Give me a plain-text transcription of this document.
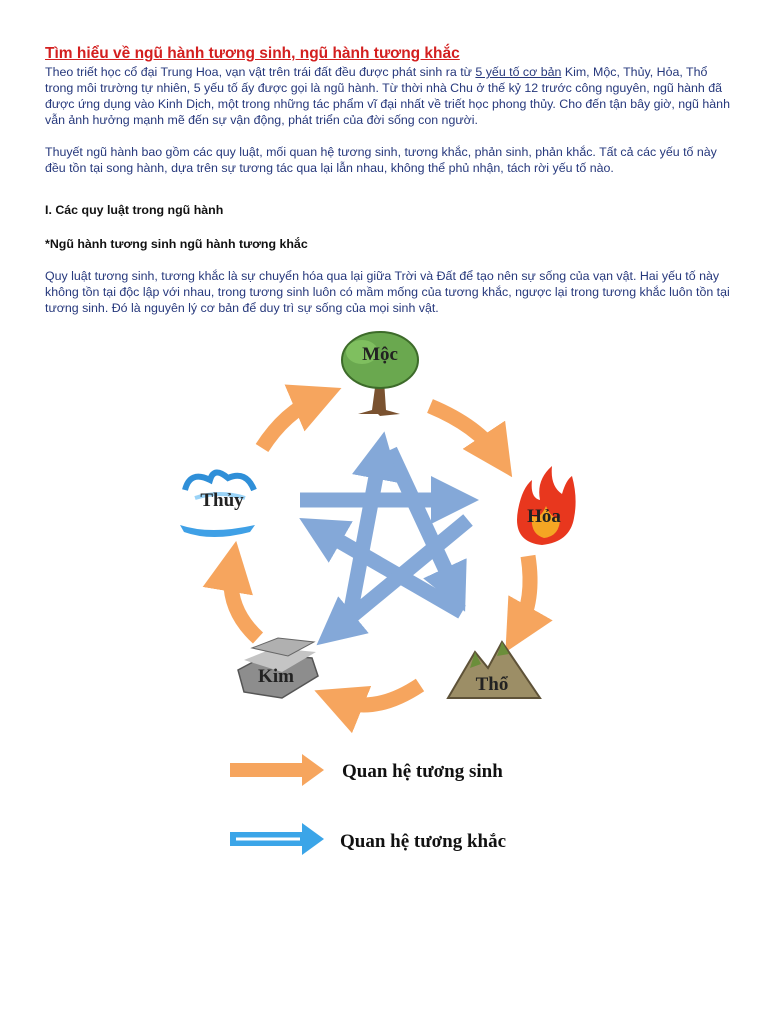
Tìm hiểu về ngũ hành tương sinh, ngũ hành tương khắc

Theo triết học cổ đại Trung Hoa, vạn vật trên trái đất đều được phát sinh ra từ 5 yếu tố cơ bản Kim, Mộc, Thủy, Hỏa, Thổ trong môi trường tự nhiên, 5 yếu tố ấy được gọi là ngũ hành. Từ thời nhà Chu ở thế kỷ 12 trước công nguyên, ngũ hành đã được ứng dụng vào Kinh Dịch, một trong những tác phẩm vĩ đại nhất về triết học phong thủy. Cho đến tận bây giờ, ngũ hành vẫn ảnh hưởng mạnh mẽ đến sự vận động, phát triển của đời sống con người.

Thuyết ngũ hành bao gồm các quy luật, mối quan hệ tương sinh, tương khắc, phản sinh, phản khắc. Tất cả các yếu tố này đều tồn tại song hành, dựa trên sự tương tác qua lại lẫn nhau, không thể phủ nhận, tách rời yếu tố nào.

I. Các quy luật trong ngũ hành
*Ngũ hành tương sinh ngũ hành tương khắc

Quy luật tương sinh, tương khắc là sự chuyển hóa qua lại giữa Trời và Đất để tạo nên sự sống của vạn vật. Hai yếu tố này không tồn tại độc lập với nhau, trong tương sinh luôn có mầm mống của tương khắc, ngược lại trong tương khắc luôn tồn tại tương sinh. Đó là nguyên lý cơ bản để duy trì sự sống của mọi sinh vật.

Mộc
Hỏa
Thổ
Kim
Thủy
Quan hệ tương sinh
Quan hệ tương khắc
